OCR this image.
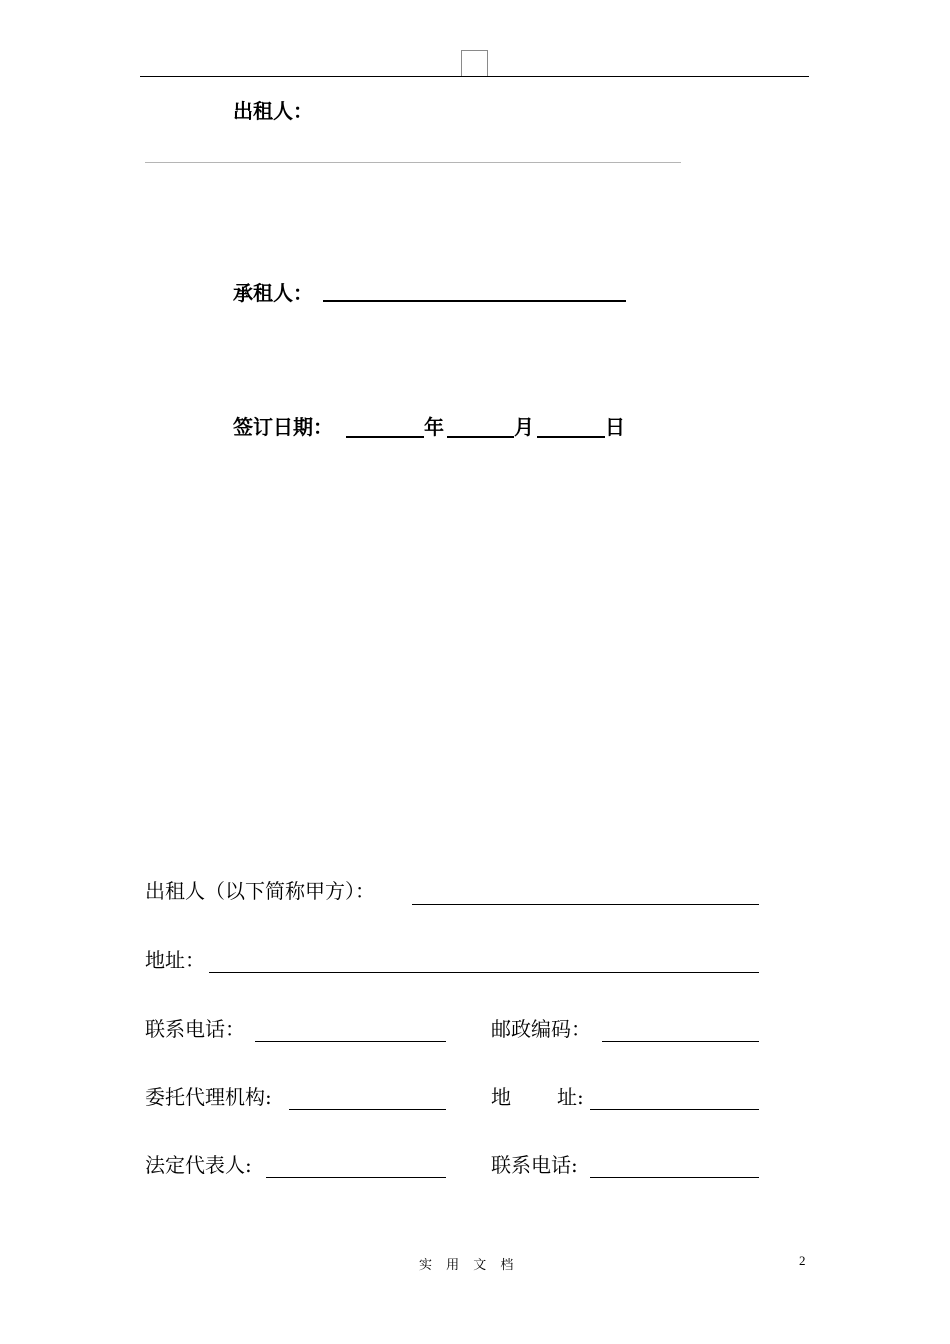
出租人：
承租人：
签订日期：	年	月	日
出租人（以下简称甲方）：
地址：
联系电话：	邮政编码：
委托代理机构:	地 址:
法定代表人:	联系电话:
实 用 文 档	2
